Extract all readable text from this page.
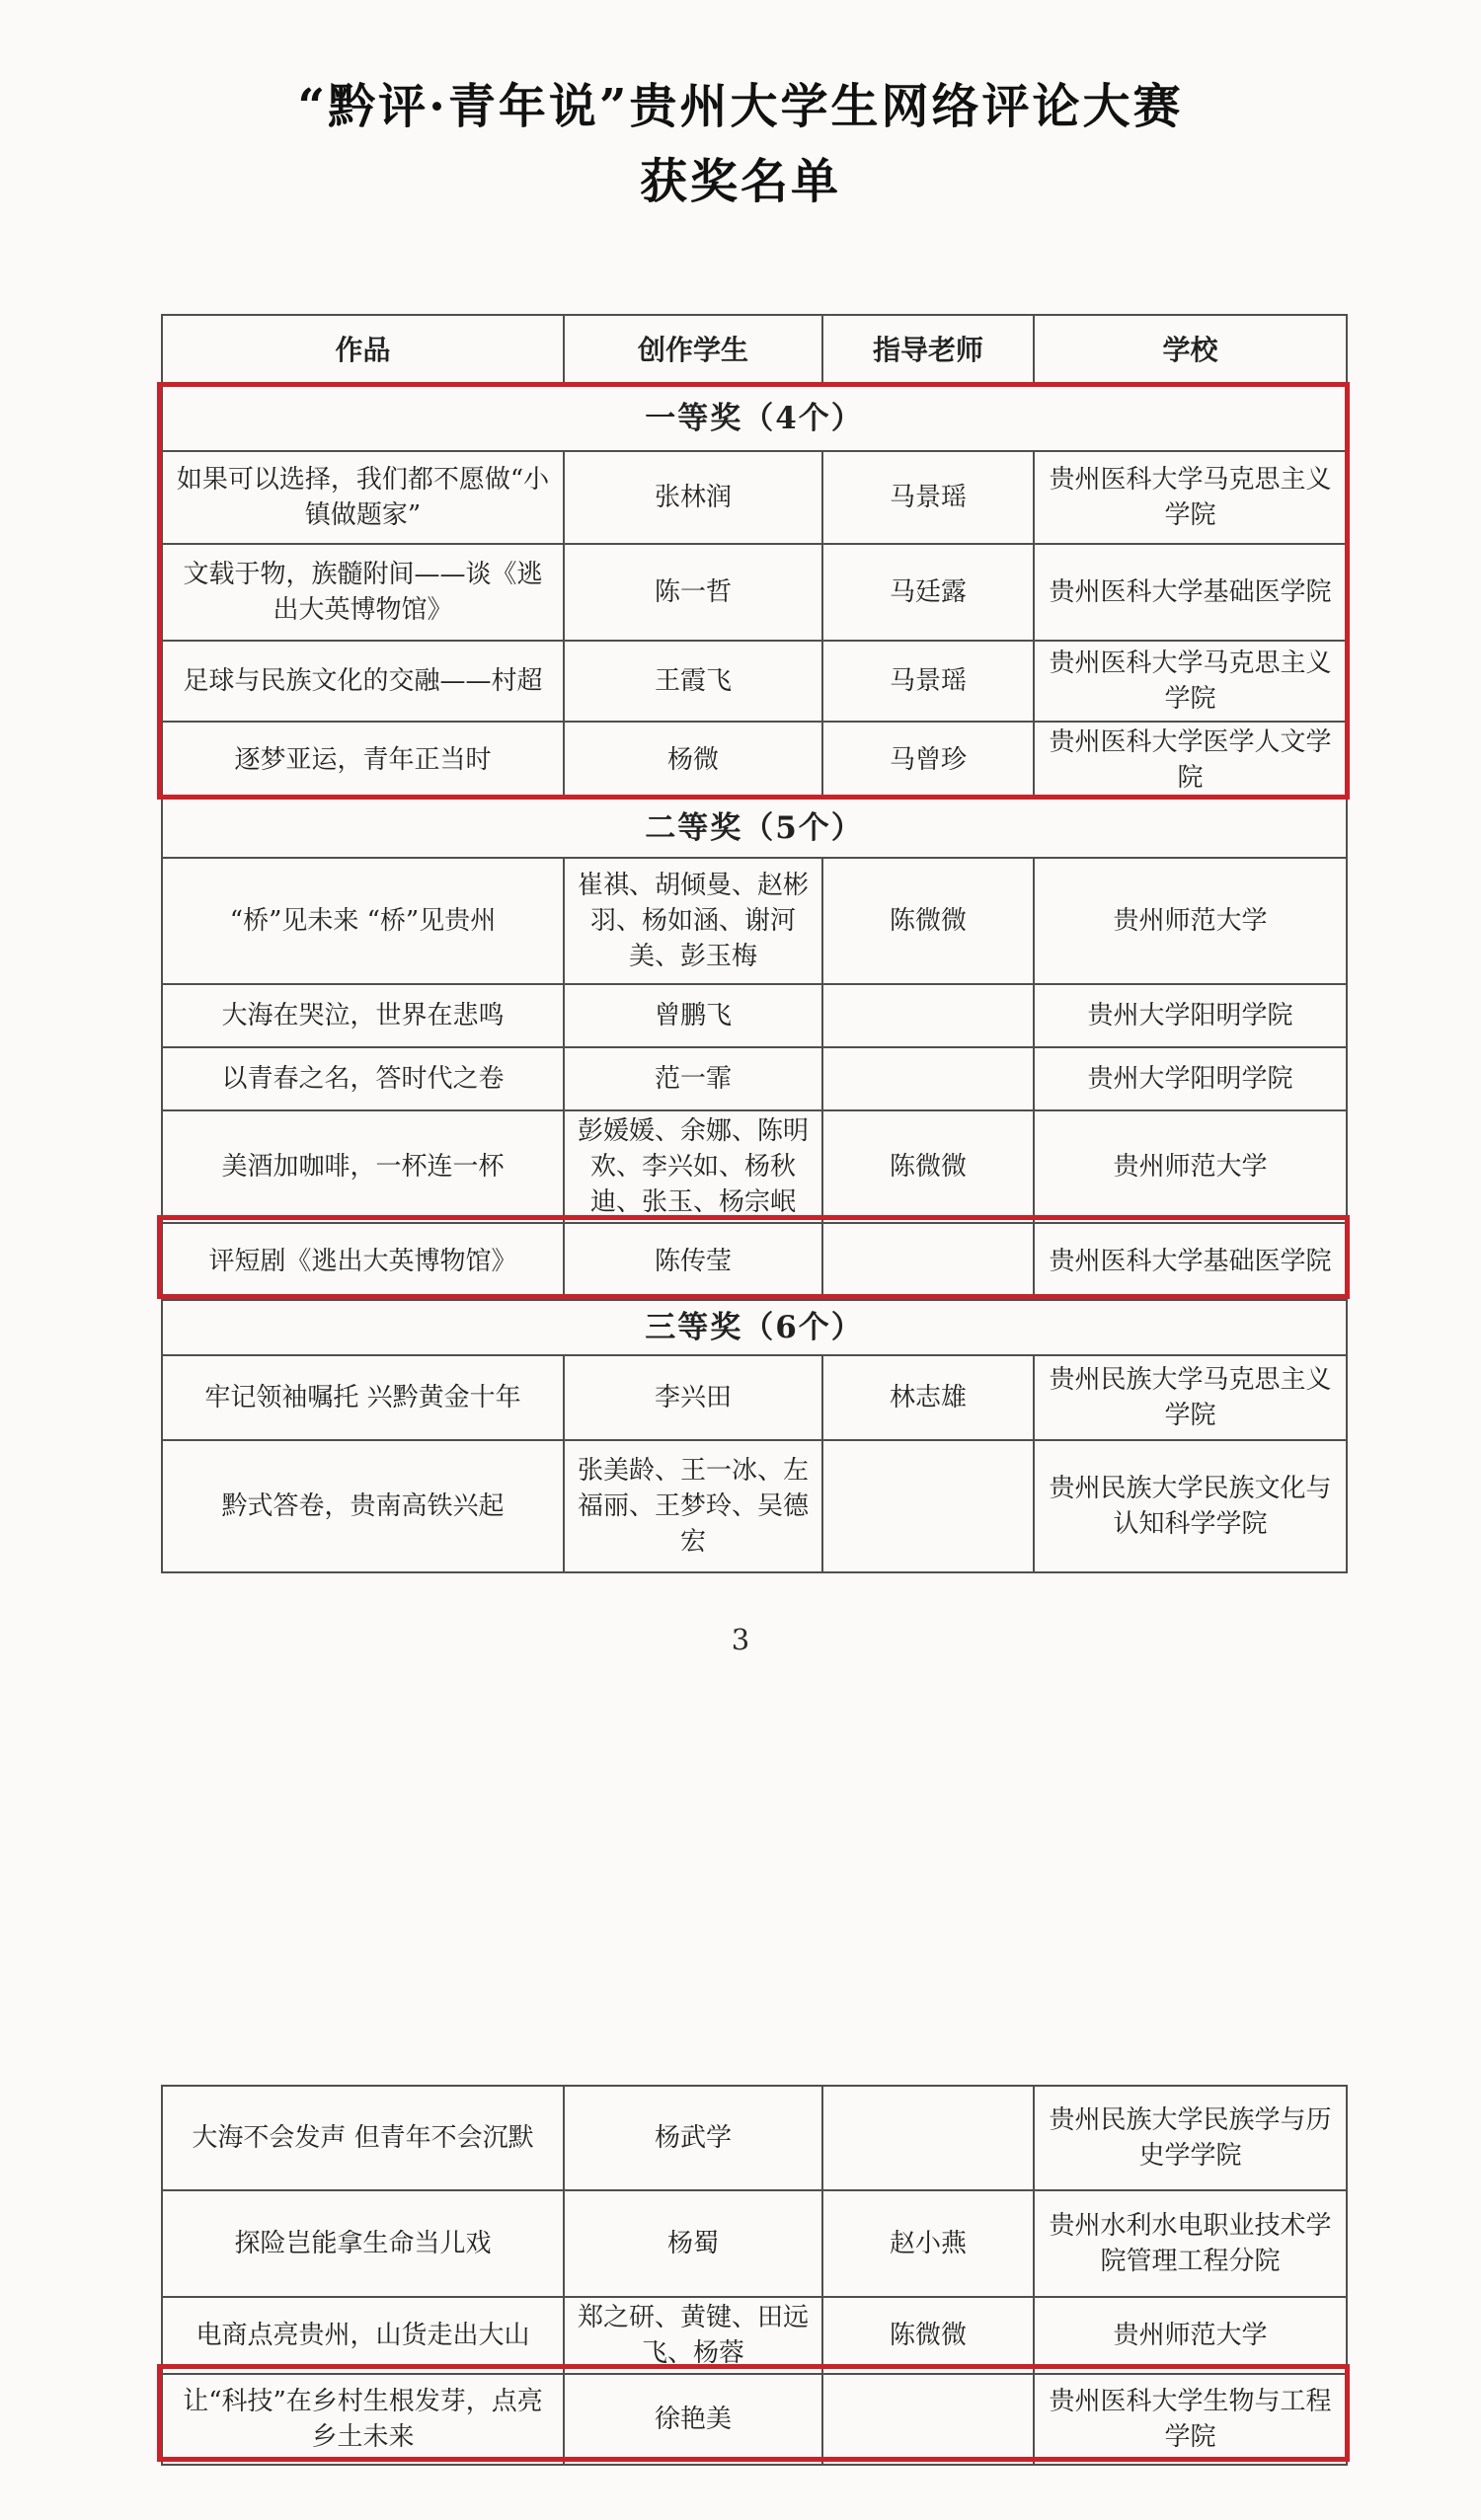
“黔评·青年说”贵州大学生网络评论大赛
获奖名单
作品	创作学生	指导老师	学校
一等奖（4个）			
如果可以选择，我们都不愿做“小镇做题家”	张林润	马景瑶	贵州医科大学马克思主义学院
文载于物，族髓附间——谈《逃出大英博物馆》	陈一哲	马廷露	贵州医科大学基础医学院
足球与民族文化的交融——村超	王霞飞	马景瑶	贵州医科大学马克思主义学院
逐梦亚运，青年正当时	杨微	马曾珍	贵州医科大学医学人文学院
二等奖（5个）			
“桥”见未来 “桥”见贵州	崔祺、胡倾曼、赵彬羽、杨如涵、谢河美、彭玉梅	陈微微	贵州师范大学
大海在哭泣，世界在悲鸣	曾鹏飞		贵州大学阳明学院
以青春之名，答时代之卷	范一霏		贵州大学阳明学院
美酒加咖啡，一杯连一杯	彭媛媛、余娜、陈明欢、李兴如、杨秋迪、张玉、杨宗岷	陈微微	贵州师范大学
评短剧《逃出大英博物馆》	陈传莹		贵州医科大学基础医学院
三等奖（6个）			
牢记领袖嘱托 兴黔黄金十年	李兴田	林志雄	贵州民族大学马克思主义学院
黔式答卷，贵南高铁兴起	张美龄、王一冰、左福丽、王梦玲、吴德宏		贵州民族大学民族文化与认知科学学院
3
大海不会发声 但青年不会沉默	杨武学		贵州民族大学民族学与历史学学院
探险岂能拿生命当儿戏	杨蜀	赵小燕	贵州水利水电职业技术学院管理工程分院
电商点亮贵州，山货走出大山	郑之研、黄键、田远飞、杨蓉	陈微微	贵州师范大学
让“科技”在乡村生根发芽，点亮乡土未来	徐艳美		贵州医科大学生物与工程学院
